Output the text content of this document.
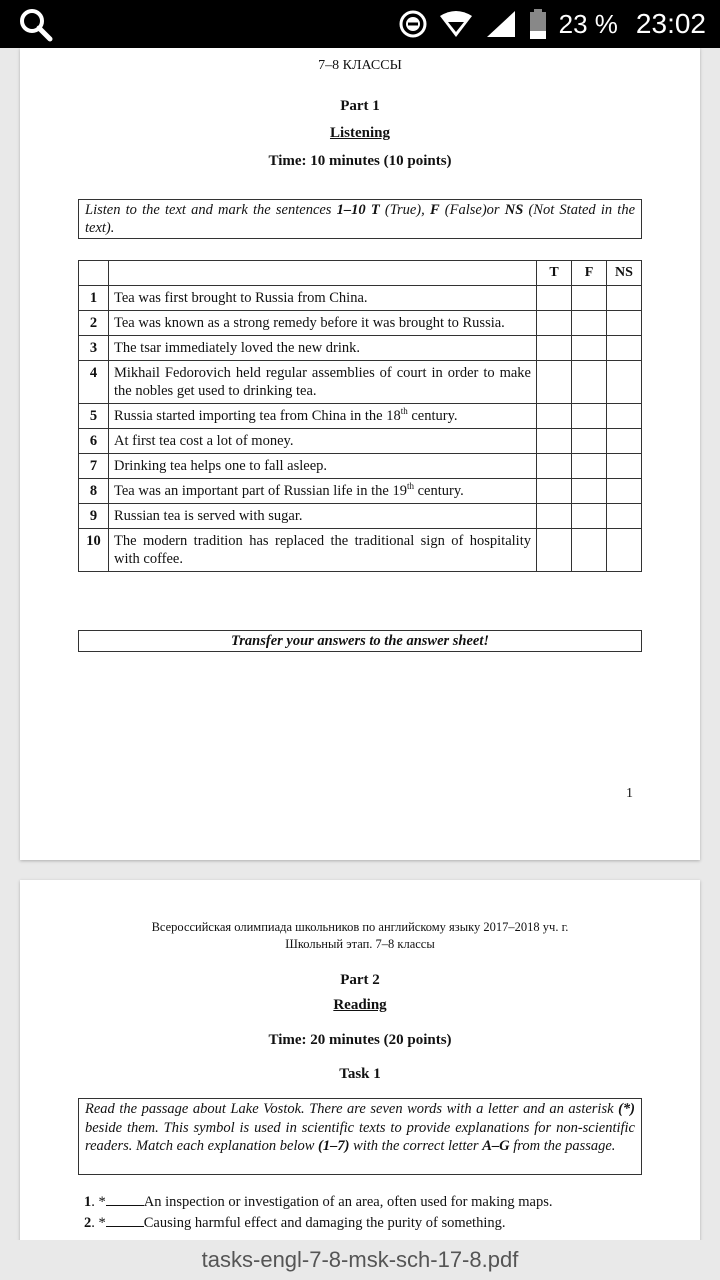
23 % 23:02
7–8 КЛАССЫ
Part 1
Listening
Time: 10 minutes (10 points)
Listen to the text and mark the sentences 1–10 T (True), F (False)or NS (Not Stated in the text).
		T	F	NS
1	Tea was first brought to Russia from China.			
2	Tea was known as a strong remedy before it was brought to Russia.			
3	The tsar immediately loved the new drink.			
4	Mikhail Fedorovich held regular assemblies of court in order to make the nobles get used to drinking tea.			
5	Russia started importing tea from China in the 18th century.			
6	At first tea cost a lot of money.			
7	Drinking tea helps one to fall asleep.			
8	Tea was an important part of Russian life in the 19th century.			
9	Russian tea is served with sugar.			
10	The modern tradition has replaced the traditional sign of hospitality with coffee.			
Transfer your answers to the answer sheet!
1
Всероссийская олимпиада школьников по английскому языку 2017–2018 уч. г.
Школьный этап. 7–8 классы
Part 2
Reading
Time: 20 minutes (20 points)
Task 1
Read the passage about Lake Vostok. There are seven words with a letter and an asterisk (*) beside them. This symbol is used in scientific texts to provide explanations for non-scientific readers. Match each explanation below (1–7) with the correct letter A–G from the passage.
1. *	An inspection or investigation of an area, often used for making maps.
2. *	Causing harmful effect and damaging the purity of something.
tasks-engl-7-8-msk-sch-17-8.pdf
